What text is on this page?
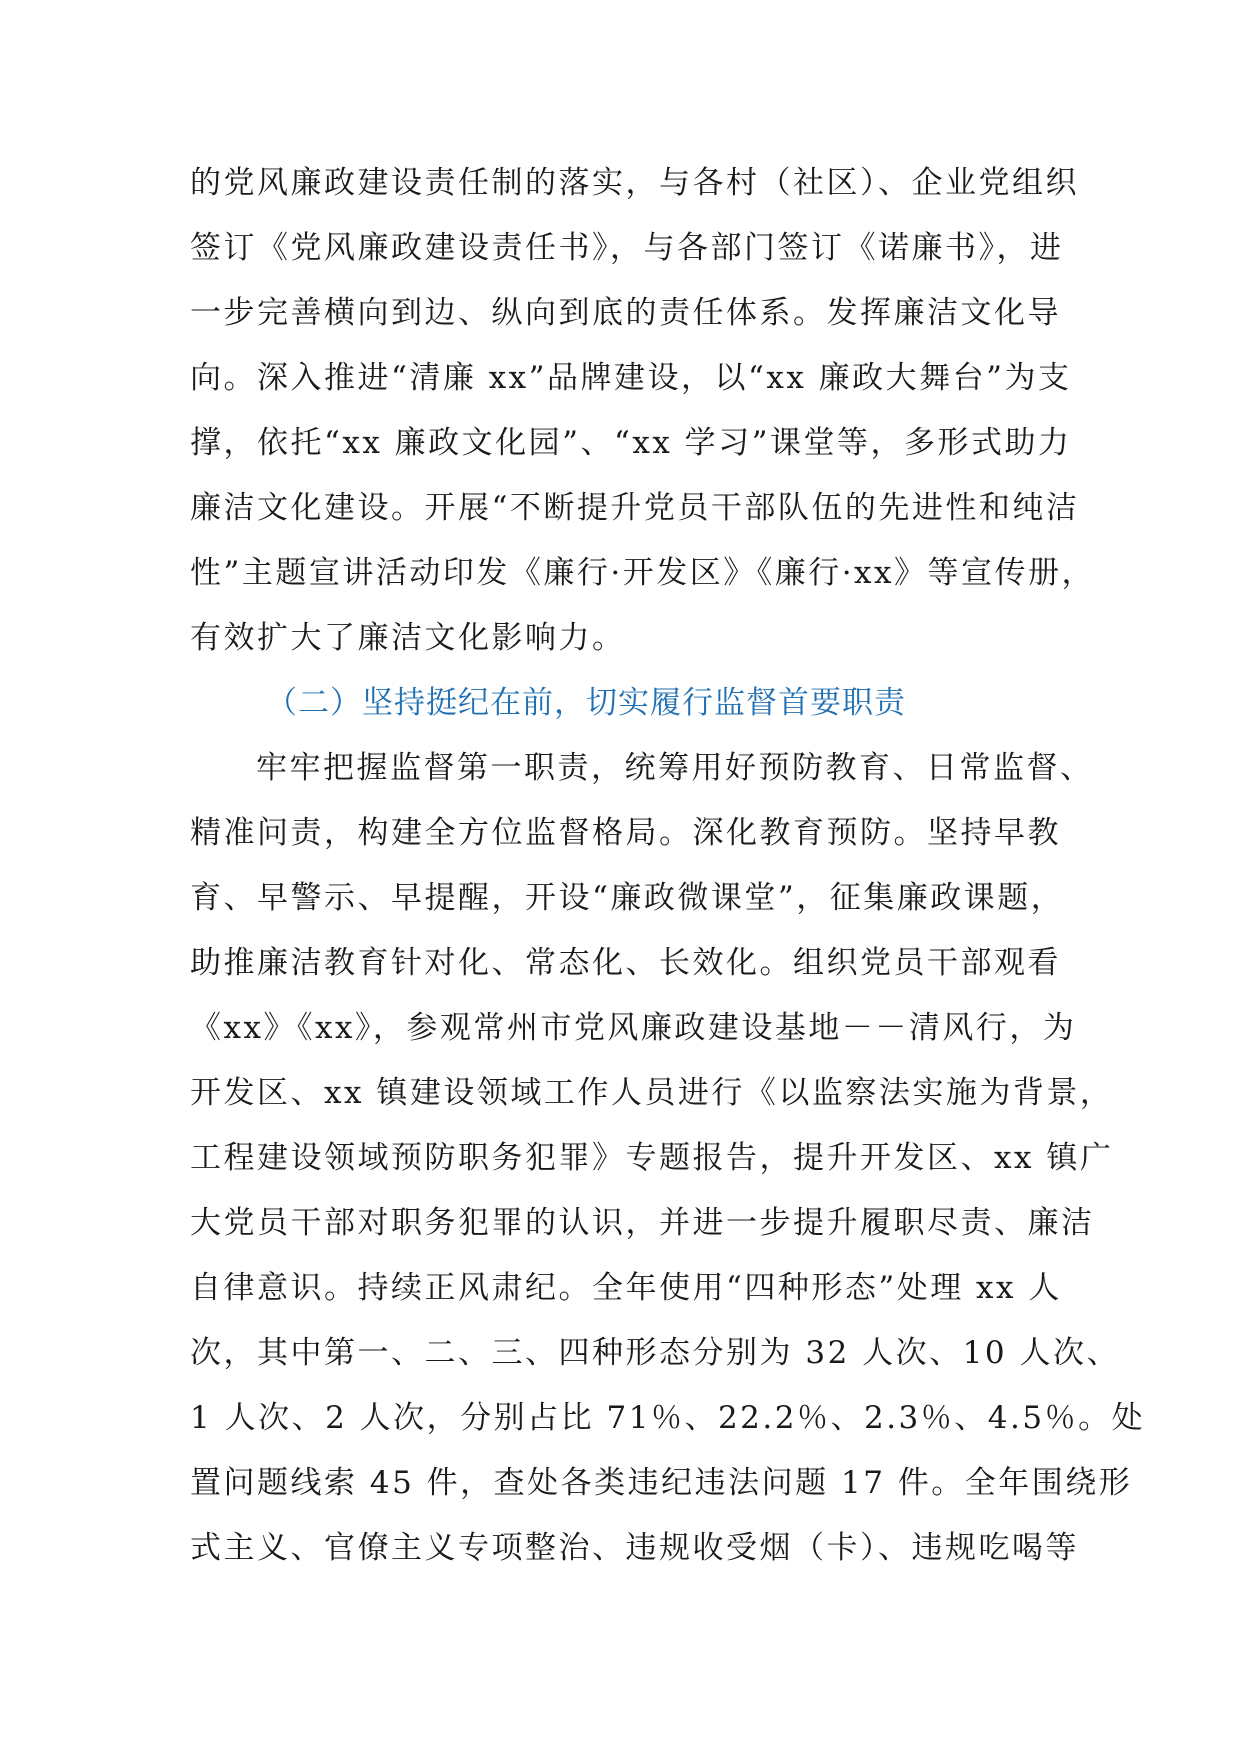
的党风廉政建设责任制的落实，与各村（社区）、企业党组织
签订《党风廉政建设责任书》，与各部门签订《诺廉书》，进
一步完善横向到边、纵向到底的责任体系。发挥廉洁文化导
向。深入推进“清廉 xx”品牌建设，以“xx 廉政大舞台”为支
撑，依托“xx 廉政文化园”、“xx 学习”课堂等，多形式助力
廉洁文化建设。开展“不断提升党员干部队伍的先进性和纯洁
性”主题宣讲活动印发《廉行·开发区》《廉行·xx》等宣传册，
有效扩大了廉洁文化影响力。
（二）坚持挺纪在前，切实履行监督首要职责
牢牢把握监督第一职责，统筹用好预防教育、日常监督、
精准问责，构建全方位监督格局。深化教育预防。坚持早教
育、早警示、早提醒，开设“廉政微课堂”，征集廉政课题，
助推廉洁教育针对化、常态化、长效化。组织党员干部观看
《xx》《xx》，参观常州市党风廉政建设基地－－清风行，为
开发区、xx 镇建设领域工作人员进行《以监察法实施为背景，
工程建设领域预防职务犯罪》专题报告，提升开发区、xx 镇广
大党员干部对职务犯罪的认识，并进一步提升履职尽责、廉洁
自律意识。持续正风肃纪。全年使用“四种形态”处理 xx 人
次，其中第一、二、三、四种形态分别为 32 人次、10 人次、
1 人次、2 人次，分别占比 71％、22.2％、2.3％、4.5％。处
置问题线索 45 件，查处各类违纪违法问题 17 件。全年围绕形
式主义、官僚主义专项整治、违规收受烟（卡）、违规吃喝等
